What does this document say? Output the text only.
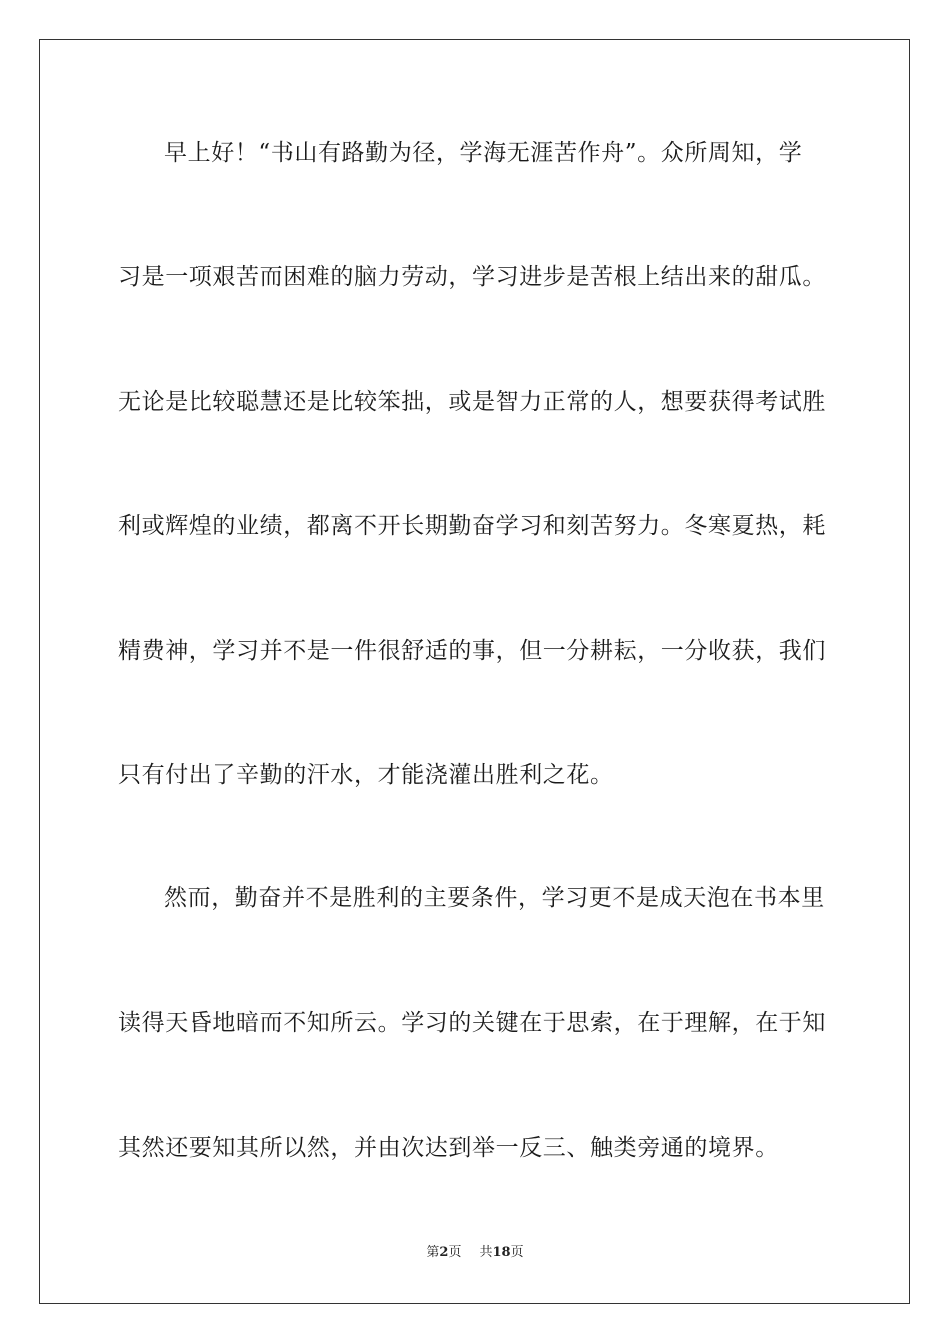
早上好！“书山有路勤为径，学海无涯苦作舟”。众所周知，学
习是一项艰苦而困难的脑力劳动，学习进步是苦根上结出来的甜瓜。
无论是比较聪慧还是比较笨拙，或是智力正常的人，想要获得考试胜
利或辉煌的业绩，都离不开长期勤奋学习和刻苦努力。冬寒夏热，耗
精费神，学习并不是一件很舒适的事，但一分耕耘，一分收获，我们
只有付出了辛勤的汗水，才能浇灌出胜利之花。
然而，勤奋并不是胜利的主要条件，学习更不是成天泡在书本里
读得天昏地暗而不知所云。学习的关键在于思索，在于理解，在于知
其然还要知其所以然，并由次达到举一反三、触类旁通的境界。
第2页 共18页
